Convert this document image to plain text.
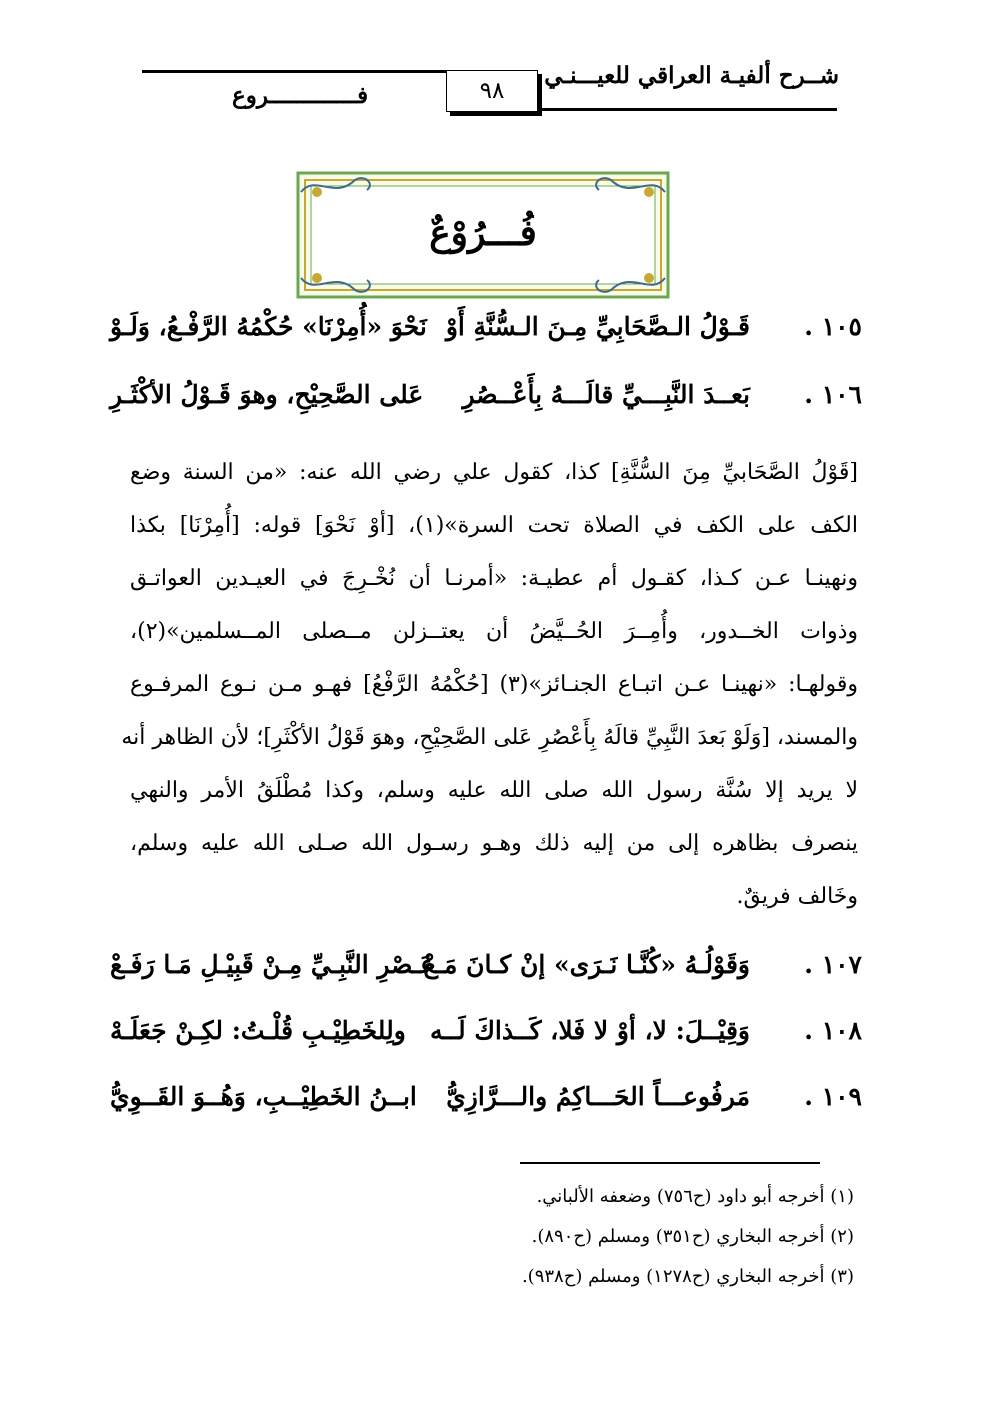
شــرح ألفيـة العراقي للعيـــنـي
٩٨
فـــــــــــــروع
فُـــرُوْعٌ
١٠٥ .
قَـوْلُ الـصَّحَابِيِّ مِـنَ الـسُّنَّةِ أَوْ
نَحْوَ «أُمِرْنَا» حُكْمُهُ الرَّفْـعُ، وَلَـوْ
١٠٦ .
بَعــدَ النَّبِـــيِّ قالَـــهُ بِأَعْــصُرِ
عَلى الصَّحِيْحِ، وهوَ قَـوْلُ الأكْثَـرِ
[قَوْلُ الصَّحَابيِّ مِنَ السُّنَّةِ] كذا، كقول علي رضي الله عنه: «من السنة وضع
الكف على الكف في الصلاة تحت السرة»(١)، [أوْ نَحْوَ] قوله: [أُمِرْنَا] بكذا
ونهينـا عـن كـذا، كقـول أم عطيـة: «أمرنـا أن نُخْـرِجَ في العيـدين العواتـق
وذوات الخــدور، وأُمِــرَ الحُــيَّضُ أن يعتــزلن مــصلى المــسلمين»(٢)،
وقولهـا: «نهينـا عـن اتبـاع الجنـائز»(٣) [حُكْمُهُ الرَّفْعُ] فهـو مـن نـوع المرفـوع
والمسند، [وَلَوْ بَعدَ النَّبِيِّ قالَهُ بِأَعْصُرِ عَلى الصَّحِيْحِ، وهوَ قَوْلُ الأكْثَرِ]؛ لأن الظاهر أنه
لا يريد إلا سُنَّة رسول الله صلى الله عليه وسلم، وكذا مُطْلَقُ الأمر والنهي
ينصرف بظاهره إلى من إليه ذلك وهـو رسـول الله صـلى الله عليه وسلم،
وخَالف فريقٌ.
١٠٧ .
وَقَوْلُـهُ «كُنَّـا نَـرَى» إنْ كـانَ مَـعْ
عَـصْرِ النَّبِـيِّ مِـنْ قَبِيْـلِ مَـا رَفَـعْ
١٠٨ .
وَقِيْــلَ: لا، أوْ لا فَلا، كَــذاكَ لَــه
ولِلخَطِيْـبِ قُلْـتُ: لكِـنْ جَعَلَـهْ
١٠٩ .
مَرفُوعـــاً الحَـــاكِمُ والـــرَّازِيُّ
ابــنُ الخَطِيْــبِ، وَهُــوَ القَــوِيُّ
(١) أخرجه أبو داود (ح٧٥٦) وضعفه الألباني.
(٢) أخرجه البخاري (ح٣٥١) ومسلم (ح٨٩٠).
(٣) أخرجه البخاري (ح١٢٧٨) ومسلم (ح٩٣٨).
